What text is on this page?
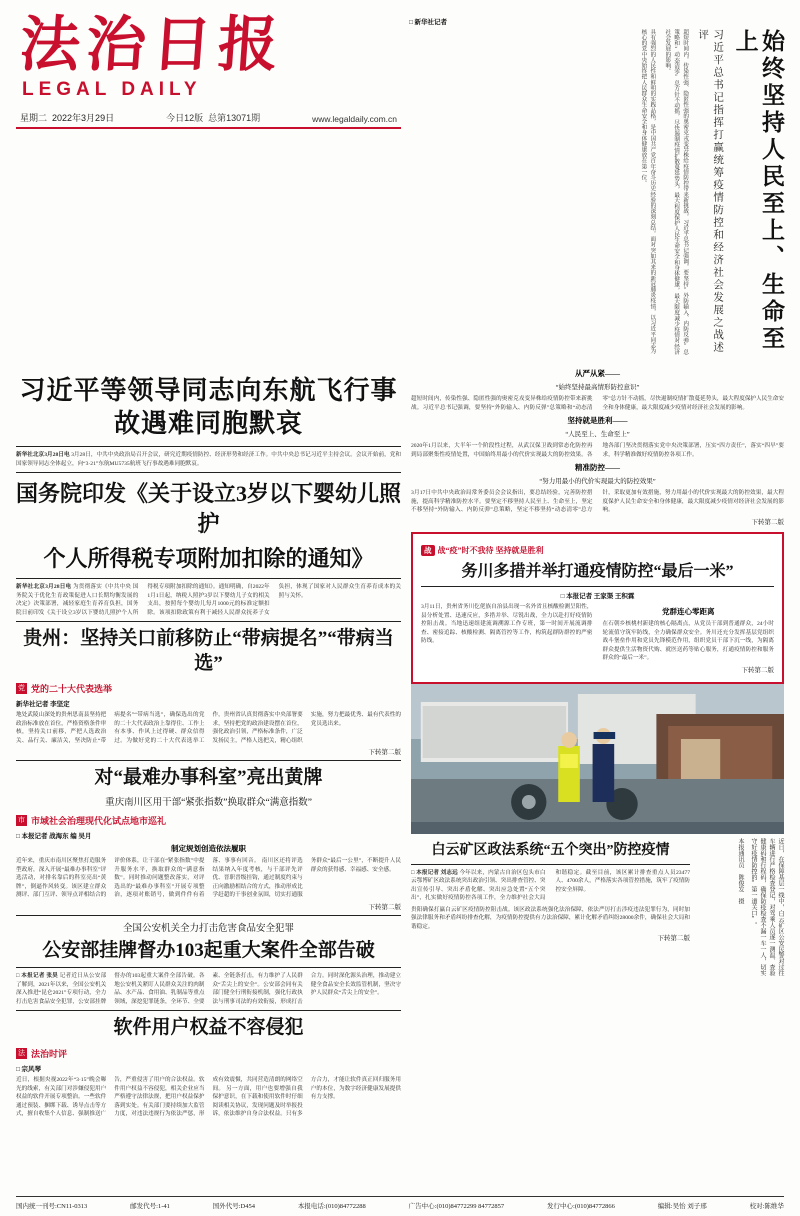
法治日报
LEGAL DAILY
星期二 2022年3月29日	今日12版 总第13071期	www.legaldaily.com.cn
□ 新华社记者
具有强烈的人民性和鲜明的实践品格，是中国共产党百年奋斗历史经验的深刻总结。面对突如其来的新冠肺炎疫情，以习近平同志为核心的党中央始终把人民群众生命安全和身体健康放在第一位。	超短时间内，传染性强、隐匿性强的奥密克戎变异株给疫情防控带来新挑战。习近平总书记强调，要坚持“外防输入、内防反弹”总策略和“动态清零”总方针不动摇，尽快遏制疫情扩散蔓延势头，最大程度保护人民生命安全和身体健康，最大限度减少疫情对经济社会发展的影响。	习近平总书记指挥打赢统筹疫情防控和经济社会发展之战述评	始终坚持人民至上、生命至上
习近平等领导同志向东航飞行事故遇难同胞默哀
新华社北京3月28日电 3月28日，中共中央政治局召开会议，研究近期疫情防控、经济形势和经济工作。中共中央总书记习近平主持会议。会议开始前，党和国家领导同志全体起立，向“3·21”东航MU5735航班飞行事故遇难同胞默哀。
国务院印发《关于设立3岁以下婴幼儿照护
个人所得税专项附加扣除的通知》
新华社北京3月28日电 为贯彻落实《中共中央 国务院关于优化生育政策促进人口长期均衡发展的决定》决策部署，减轻家庭生育养育负担，国务院日前印发《关于设立3岁以下婴幼儿照护个人所得税专项附加扣除的通知》。通知明确，自2022年1月1日起，纳税人照护3岁以下婴幼儿子女的相关支出，按照每个婴幼儿每月1000元的标准定额扣除。该项扣除政策有利于减轻人民群众抚养子女负担，体现了国家对人民群众生育养育成本的关照与关怀。
贵州：坚持关口前移防止“带病提名”“带病当选”
党 党的二十大代表选举
新华社记者 李坚定
地处武陵山深处的贵州思南县坚持把政治标准放在首位，严格资格条件审核，坚持关口前移，严把人选政治关、品行关、廉洁关，坚决防止“带病提名”“带病当选”，确保选出的党的二十大代表政治上靠得住、工作上有本事、作风上过得硬、群众信得过。为做好党的二十大代表选举工作，贵州省认真贯彻落实中央部署要求，坚持把党的政治建设摆在首位，强化政治引领，严格标准条件，广泛发扬民主，严格人选把关，精心组织实施，努力把最优秀、最有代表性的党员选出来。
下转第二版
对“最难办事科室”亮出黄牌
重庆南川区用干部“紧张指数”换取群众“满意指数”
市 市域社会治理现代化试点地市巡礼
□ 本报记者 战海东 编 吴月
制定规划创造依法履职
近年来，重庆市南川区聚焦打造服务型政府，深入开展“最难办事科室”评选活动，对排名靠后的科室亮出“黄牌”，倒逼作风转变。该区建立群众测评、部门互评、领导点评相结合的评价体系，让干部在“紧张指数”中提升服务水平，换取群众的“满意指数”。同时推动问题整改落实，对评选出的“最难办事科室”开展专项整治，逐项对账销号，做到件件有着落、事事有回音。 南川区还将评选结果纳入年度考核，与干部评先评优、晋职晋级挂钩，通过制度约束与正向激励相结合的方式，推动形成比学赶超的干事创业氛围，切实打通服务群众“最后一公里”，不断提升人民群众的获得感、幸福感、安全感。
下转第二版
全国公安机关全力打击危害食品安全犯罪
公安部挂牌督办103起重大案件全部告破
□ 本报记者 张昊 记者近日从公安部了解到，2021年以来，全国公安机关深入推进“昆仑2021”专项行动，全力打击危害食品安全犯罪，公安部挂牌督办的103起重大案件全部告破。各地公安机关紧盯人民群众关注的肉制品、水产品、食用油、乳制品等重点领域，深挖犯罪链条，全环节、全要素、全链条打击，有力维护了人民群众“舌尖上的安全”。公安部会同有关部门健全行刑衔接机制，强化行政执法与刑事司法的有效衔接，形成打击合力。同时深化源头治理，推动建立健全食品安全长效监管机制，坚决守护人民群众“舌尖上的安全”。
软件用户权益不容侵犯
法 法治时评
□ 宗风琴
近日，根据央视2022年“3·15”晚会曝光的线索，有关部门对涉嫌侵犯用户权益的软件开展专项整治。一些软件通过预装、捆绑下载、诱导点击等方式，擅自收集个人信息、强制推送广告，严重侵害了用户的合法权益。软件用户权益不容侵犯，相关企业应当严格遵守法律法规，把用户权益保护落到实处。有关部门要持续加大监管力度，对违法违规行为依法严惩，形成有效震慑，共同营造清朗的网络空间。 另一方面，用户也要增强自我保护意识，在下载和使用软件时仔细阅读相关协议，发现问题及时举报投诉，依法维护自身合法权益。只有多方合力，才能让软件真正回归服务用户的本位，为数字经济健康发展提供有力支撑。
从严从紧——
“始终坚持最高情形防控意识”
超短时间内，传染性强、隐匿性强的奥密克戎变异株给疫情防控带来新挑战。习近平总书记强调，要坚持“外防输入、内防反弹”总策略和“动态清零”总方针不动摇，尽快遏制疫情扩散蔓延势头，最大程度保护人民生命安全和身体健康，最大限度减少疫情对经济社会发展的影响。
坚持就是胜利——
“人民至上、生命至上”
2020年1月以来，大半年一个阶段性过程，从武汉保卫战到常态化防控再到局部聚集性疫情处置，中国始终用最小的代价实现最大的防控效果。各地各部门坚决贯彻落实党中央决策部署，压实“四方责任”，落实“四早”要求，科学精准做好疫情防控各项工作。
精准防控——
“努力用最小的代价实现最大的防控效果”
3月17日中共中央政治局常务委员会会议指出，要总结经验，完善防控措施，提高科学精准防控水平。要坚定不移坚持人民至上、生命至上，坚定不移坚持“外防输入、内防反弹”总策略，坚定不移坚持“动态清零”总方针，采取更加有效措施，努力用最小的代价实现最大的防控效果，最大程度保护人民生命安全和身体健康，最大限度减少疫情对经济社会发展的影响。
下转第二版
战 战“疫”时不我待 坚持就是胜利
务川多措并举打通疫情防控“最后一米”
□ 本报记者 王家渠 王积霖
3月11日，贵州省务川仡佬族自治县出现一名外省且核酸检测呈阳性，县分析处置、迅速反应，多措并举、尽锐出战，全力以赴打好疫情防控阻击战。当地迅速组建流调溯源工作专班，第一时间开展流调排查、密接追踪、核酸检测、隔离管控等工作，构筑起群防群控的严密防线。
党群连心零距离
在石朝乡核桃村新建的核心隔离点，从党员干部到普通群众，24小时轮流值守筑牢防线，全力确保群众安全。务川还充分发挥基层党组织战斗堡垒作用和党员先锋模范作用，组织党员干部下沉一线，为隔离群众提供生活物资代购、就医送药等贴心服务，打通疫情防控和服务群众的“最后一米”。
下转第二版
白云矿区政法系统“五个突出”防控疫情
□ 本报记者 刘志远 今年以来，内蒙古自治区包头市白云鄂博矿区政法系统突出政治引领、突出排查管控、突出宣传引导、突出矛盾化解、突出应急处置“五个突出”，扎实做好疫情防控各项工作，全力维护社会大局和谐稳定。截至目前，该区累计排查重点人员23477人、4700余人，严格落实各项管控措施，筑牢了疫情防控安全屏障。
贵阳确保打赢白云矿区疫情防控阻击战。该区政法系统强化法治保障，依法严厉打击涉疫违法犯罪行为，同时加强法律服务和矛盾纠纷排查化解，为疫情防控提供有力法治保障，累计化解矛盾纠纷28000余件，确保社会大局和谐稳定。
下转第二版
本报通讯员 陈俊发 摄	近日，在保障基层一线中，白云矿区公安民警对过往车辆进行严格检查登记，对驾乘人员逐一测温、查验健康码和行程码，确保防疫检查不漏一车一人，切实守好疫情防控的“第一道关口”。
国内统一刊号:CN11-0313	邮发代号:1-41	国外代号:D454	本报电话:(010)84772288	广告中心:(010)84772299 84772857	发行中心:(010)84772866	编辑:吴怡 刘子邢	校对:陈维华
